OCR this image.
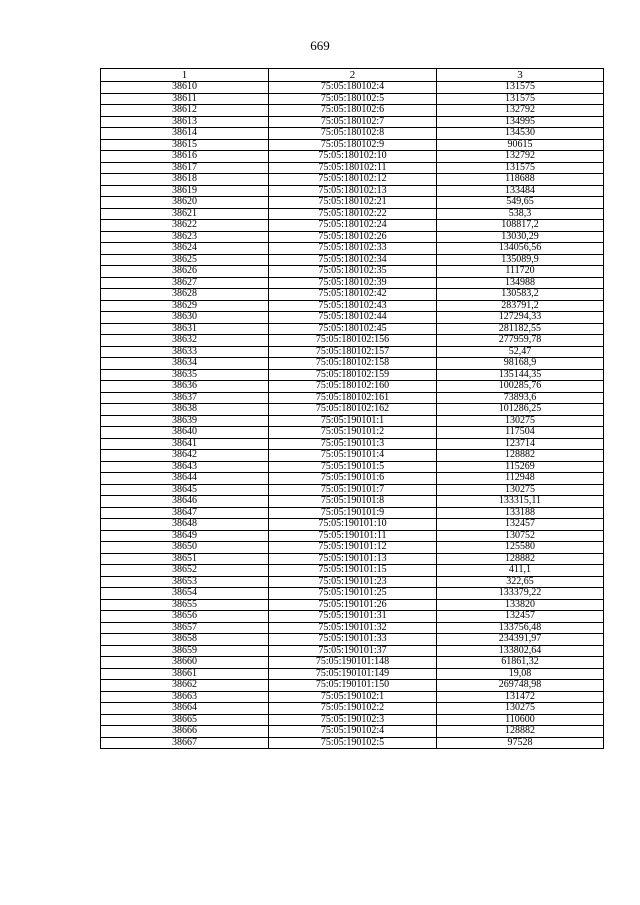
669
1	2	3
38610	75:05:180102:4	131575
38611	75:05:180102:5	131575
38612	75:05:180102:6	132792
38613	75:05:180102:7	134995
38614	75:05:180102:8	134530
38615	75:05:180102:9	90615
38616	75:05:180102:10	132792
38617	75:05:180102:11	131575
38618	75:05:180102:12	118688
38619	75:05:180102:13	133484
38620	75:05:180102:21	549,65
38621	75:05:180102:22	538,3
38622	75:05:180102:24	108817,2
38623	75:05:180102:26	13030,29
38624	75:05:180102:33	134056,56
38625	75:05:180102:34	135089,9
38626	75:05:180102:35	111720
38627	75:05:180102:39	134988
38628	75:05:180102:42	130583,2
38629	75:05:180102:43	283791,2
38630	75:05:180102:44	127294,33
38631	75:05:180102:45	281182,55
38632	75:05:180102:156	277959,78
38633	75:05:180102:157	52,47
38634	75:05:180102:158	98168,9
38635	75:05:180102:159	135144,35
38636	75:05:180102:160	100285,76
38637	75:05:180102:161	73893,6
38638	75:05:180102:162	101286,25
38639	75:05:190101:1	130275
38640	75:05:190101:2	117504
38641	75:05:190101:3	123714
38642	75:05:190101:4	128882
38643	75:05:190101:5	115269
38644	75:05:190101:6	112948
38645	75:05:190101:7	130275
38646	75:05:190101:8	133315,11
38647	75:05:190101:9	133188
38648	75:05:190101:10	132457
38649	75:05:190101:11	130752
38650	75:05:190101:12	125580
38651	75:05:190101:13	128882
38652	75:05:190101:15	411,1
38653	75:05:190101:23	322,65
38654	75:05:190101:25	133379,22
38655	75:05:190101:26	133820
38656	75:05:190101:31	132457
38657	75:05:190101:32	133756,48
38658	75:05:190101:33	234391,97
38659	75:05:190101:37	133802,64
38660	75:05:190101:148	61861,32
38661	75:05:190101:149	19,08
38662	75:05:190101:150	269748,98
38663	75:05:190102:1	131472
38664	75:05:190102:2	130275
38665	75:05:190102:3	110600
38666	75:05:190102:4	128882
38667	75:05:190102:5	97528
